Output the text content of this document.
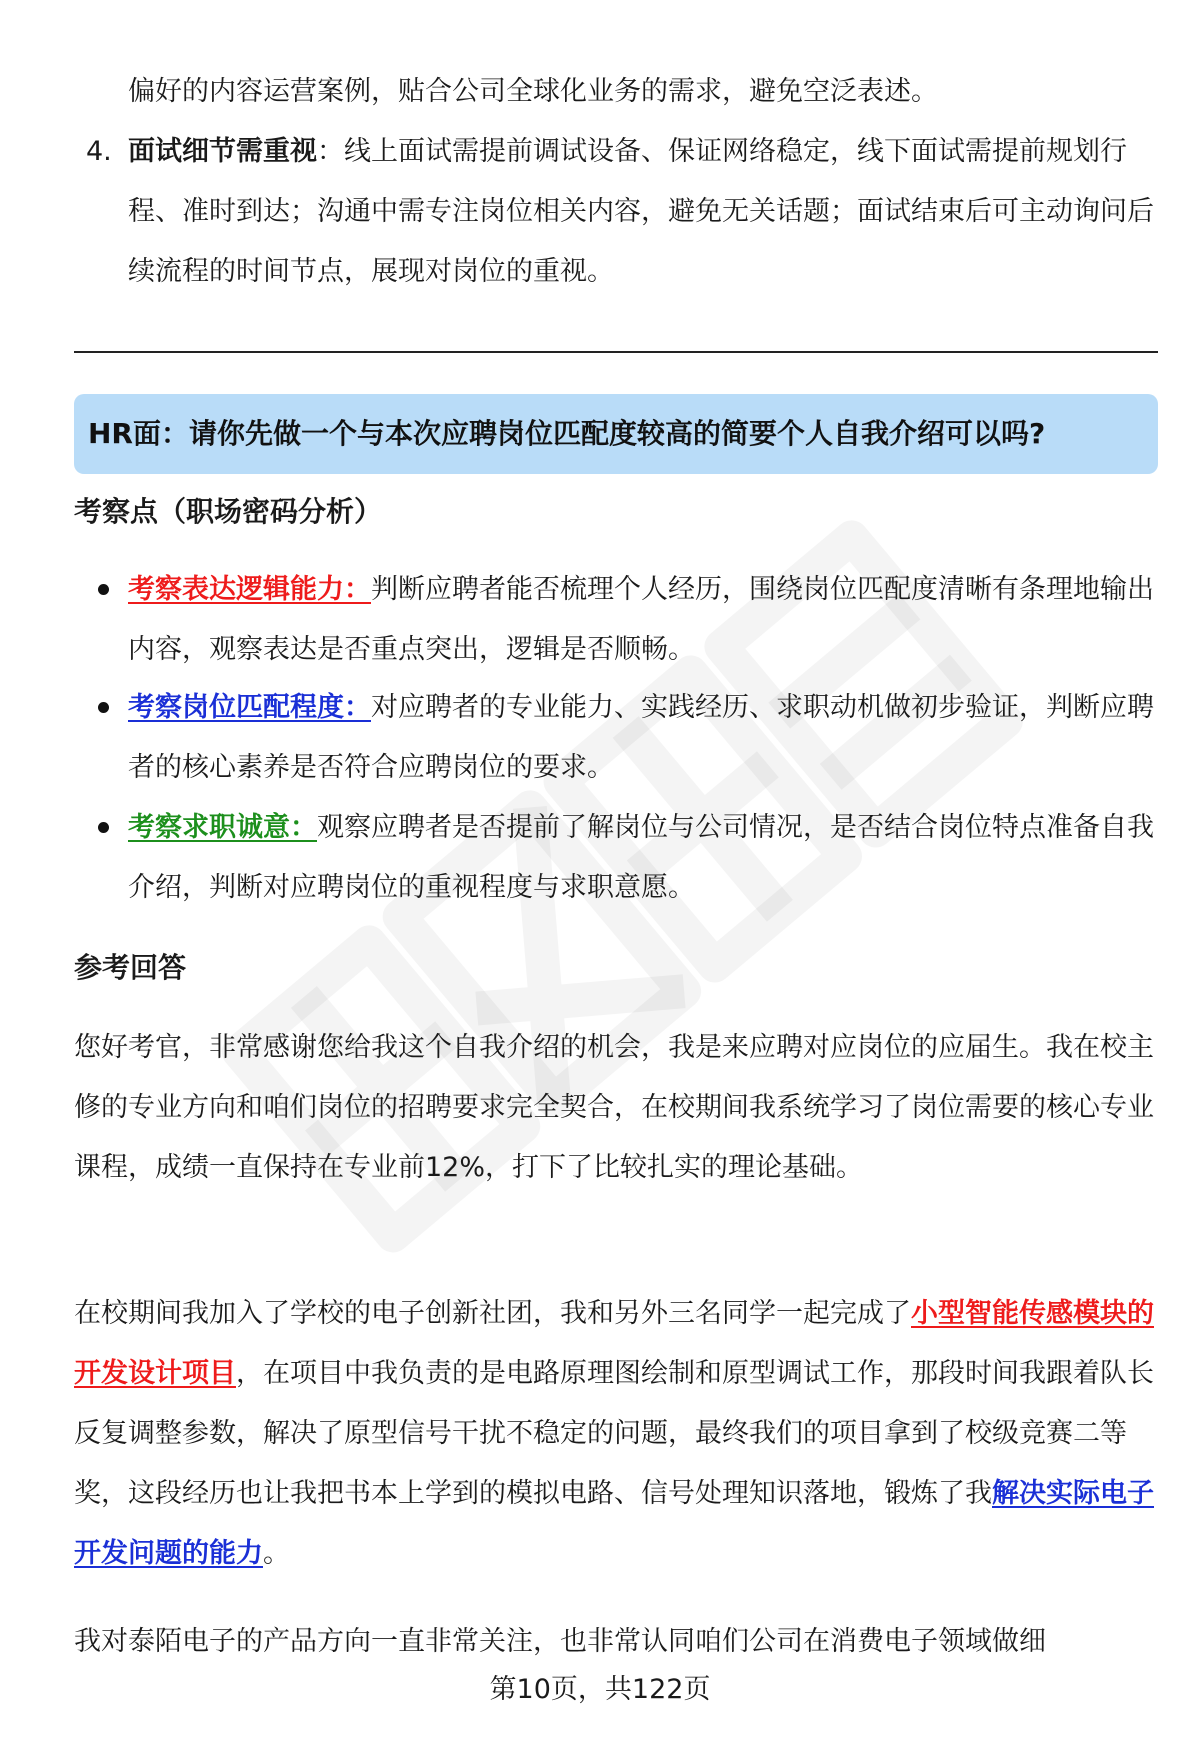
偏好的内容运营案例，贴合公司全球化业务的需求，避免空泛表述。
4. 面试细节需重视：线上面试需提前调试设备、保证网络稳定，线下面试需提前规划行程、准时到达；沟通中需专注岗位相关内容，避免无关话题；面试结束后可主动询问后续流程的时间节点，展现对岗位的重视。
HR面：请你先做一个与本次应聘岗位匹配度较高的简要个人自我介绍可以吗?
考察点（职场密码分析）
考察表达逻辑能力：判断应聘者能否梳理个人经历，围绕岗位匹配度清晰有条理地输出内容，观察表达是否重点突出，逻辑是否顺畅。
考察岗位匹配程度：对应聘者的专业能力、实践经历、求职动机做初步验证，判断应聘者的核心素养是否符合应聘岗位的要求。
考察求职诚意：观察应聘者是否提前了解岗位与公司情况，是否结合岗位特点准备自我介绍，判断对应聘岗位的重视程度与求职意愿。
参考回答
您好考官，非常感谢您给我这个自我介绍的机会，我是来应聘对应岗位的应届生。我在校主修的专业方向和咱们岗位的招聘要求完全契合，在校期间我系统学习了岗位需要的核心专业课程，成绩一直保持在专业前12%，打下了比较扎实的理论基础。
在校期间我加入了学校的电子创新社团，我和另外三名同学一起完成了小型智能传感模块的开发设计项目，在项目中我负责的是电路原理图绘制和原型调试工作，那段时间我跟着队长反复调整参数，解决了原型信号干扰不稳定的问题，最终我们的项目拿到了校级竞赛二等奖，这段经历也让我把书本上学到的模拟电路、信号处理知识落地，锻炼了我解决实际电子开发问题的能力。
我对泰陌电子的产品方向一直非常关注，也非常认同咱们公司在消费电子领域做细
第10页，共122页
